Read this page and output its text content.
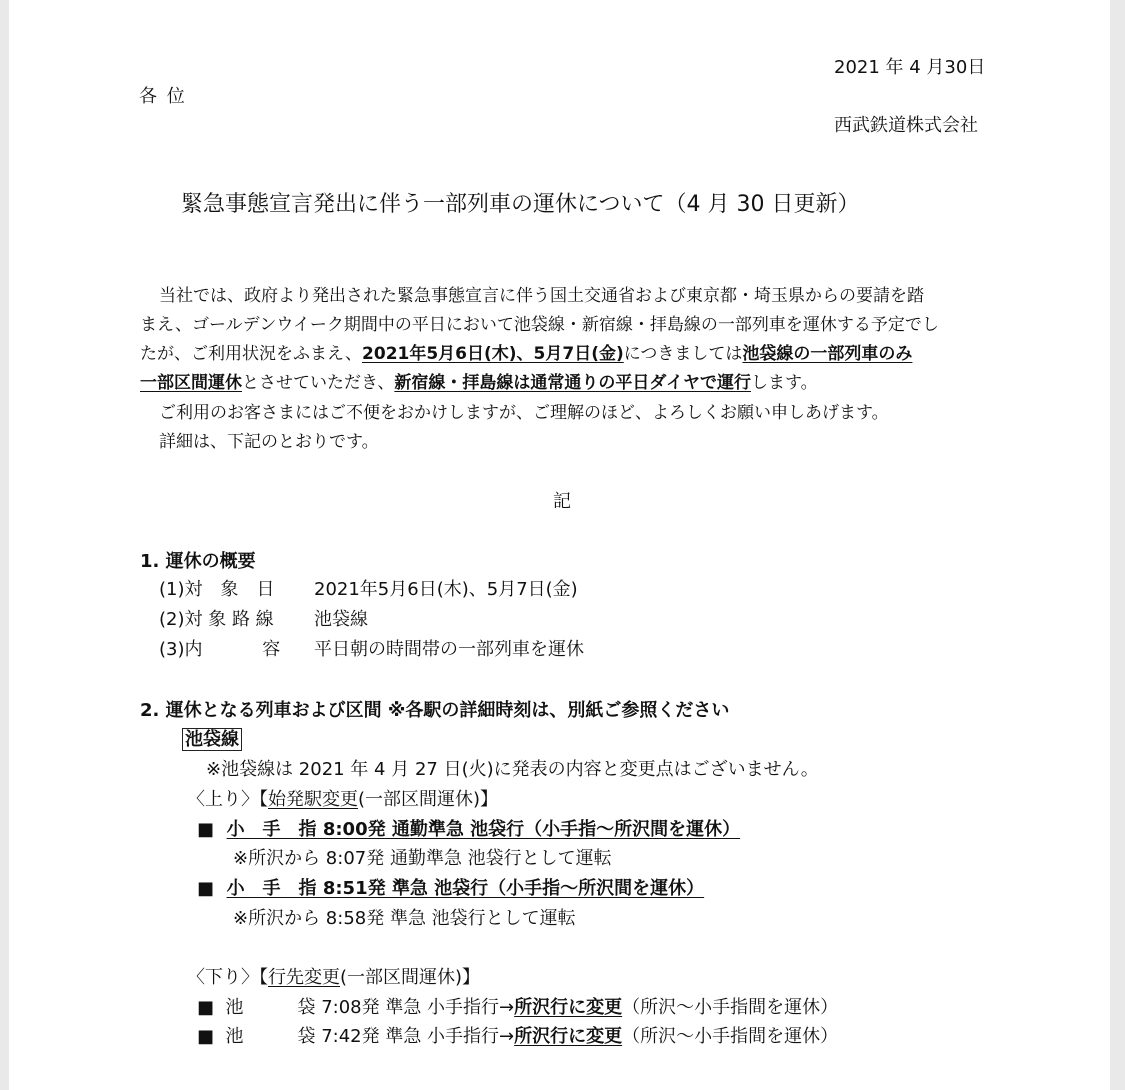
2021 年 4 月30日
各 位
西武鉄道株式会社
緊急事態宣言発出に伴う一部列車の運休について（4 月 30 日更新）
当社では、政府より発出された緊急事態宣言に伴う国土交通省および東京都・埼玉県からの要請を踏
まえ、ゴールデンウイーク期間中の平日において池袋線・新宿線・拝島線の一部列車を運休する予定でし
たが、ご利用状況をふまえ、2021年5月6日(木)、5月7日(金)につきましては池袋線の一部列車のみ
一部区間運休とさせていただき、新宿線・拝島線は通常通りの平日ダイヤで運行します。
ご利用のお客さまにはご不便をおかけしますが、ご理解のほど、よろしくお願い申しあげます。
詳細は、下記のとおりです。
記
1. 運休の概要
(1)対　象　日 2021年5月6日(木)、5月7日(金)
(2)対 象 路 線 池袋線
(3)内　　　 容 平日朝の時間帯の一部列車を運休
2. 運休となる列車および区間 ※各駅の詳細時刻は、別紙ご参照ください
池袋線
※池袋線は 2021 年 4 月 27 日(火)に発表の内容と変更点はございません。
〈上り〉【始発駅変更(一部区間運休)】
■ 小　手　指 8:00発 通勤準急 池袋行（小手指～所沢間を運休）
※所沢から 8:07発 通勤準急 池袋行として運転
■ 小　手　指 8:51発 準急 池袋行（小手指～所沢間を運休）
※所沢から 8:58発 準急 池袋行として運転
〈下り〉【行先変更(一部区間運休)】
■ 池　　　袋 7:08発 準急 小手指行→所沢行に変更（所沢～小手指間を運休）
■ 池　　　袋 7:42発 準急 小手指行→所沢行に変更（所沢～小手指間を運休）
